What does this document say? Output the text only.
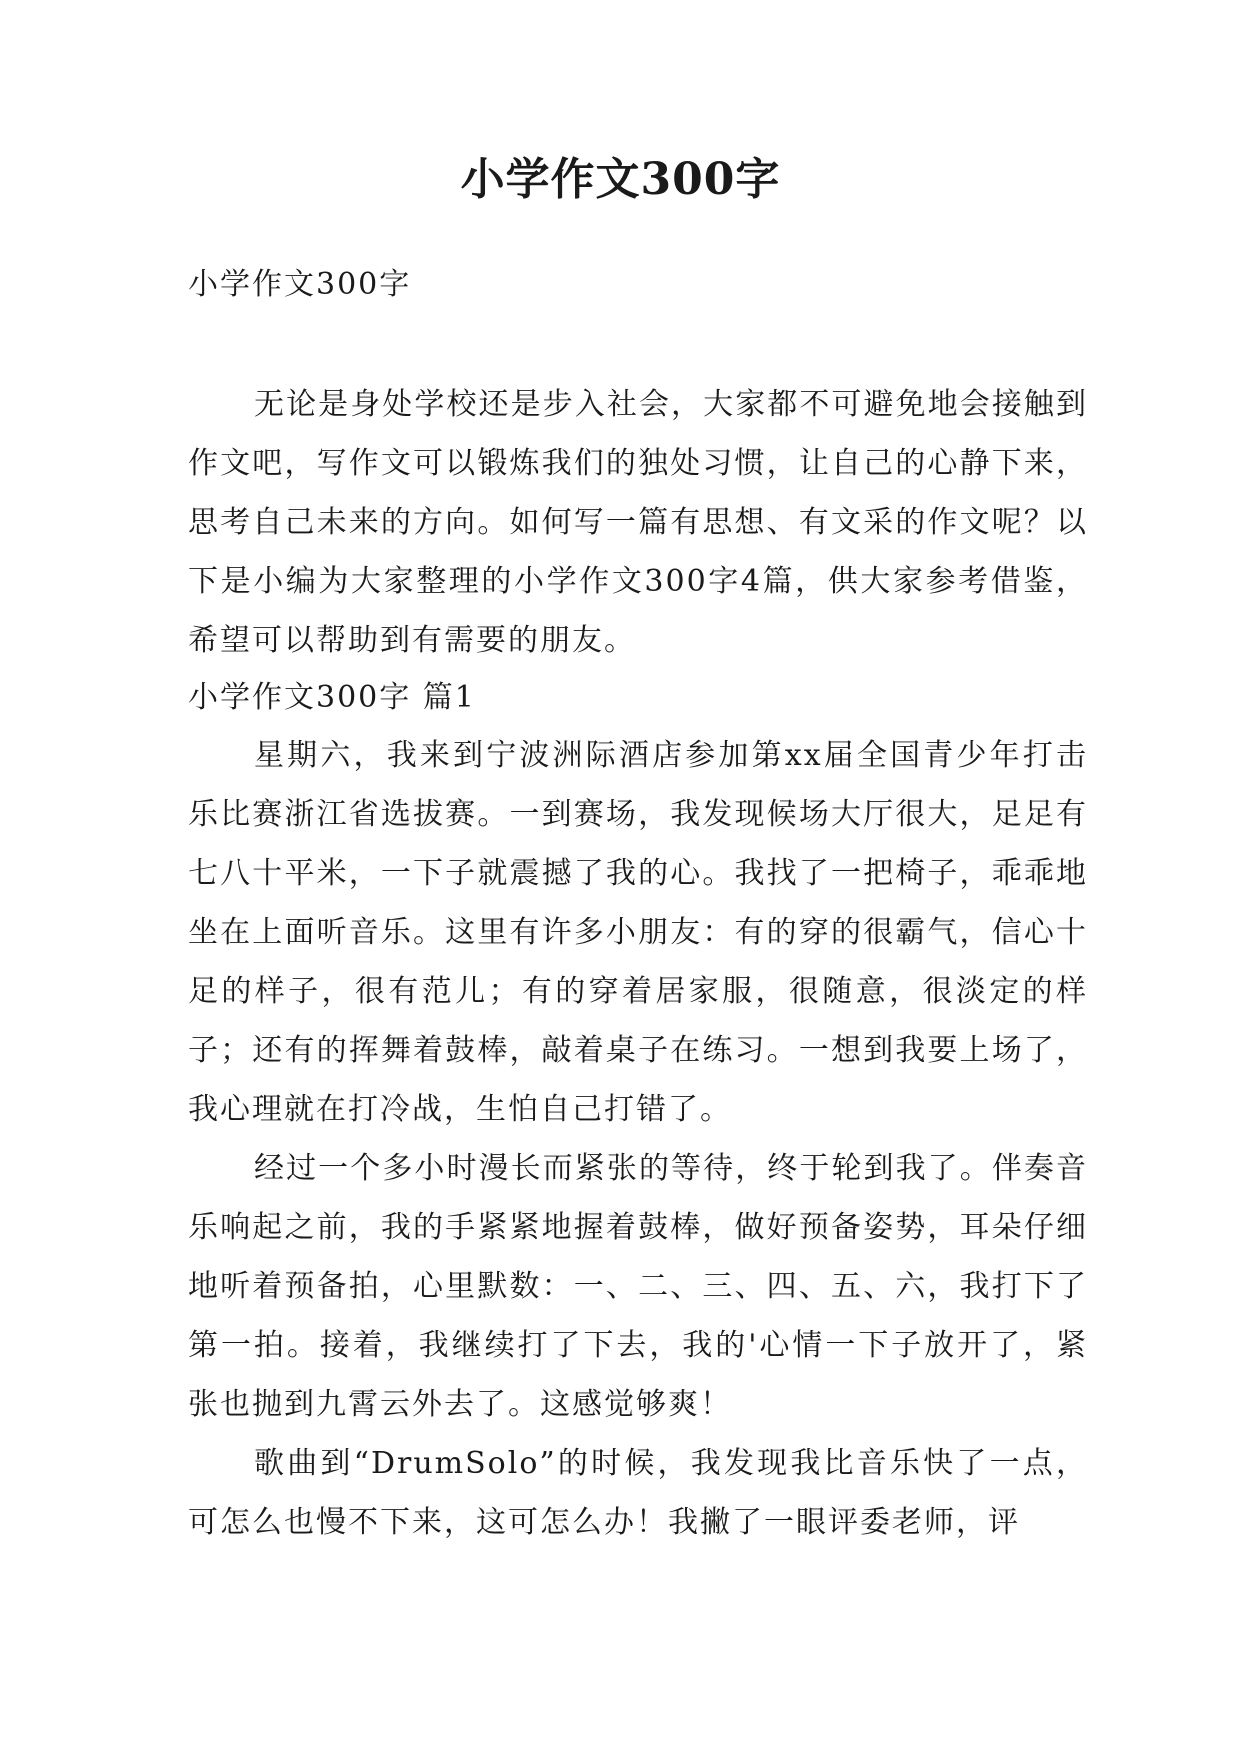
小学作文300字

小学作文300字

无论是身处学校还是步入社会，大家都不可避免地会接触到作文吧，写作文可以锻炼我们的独处习惯，让自己的心静下来，思考自己未来的方向。如何写一篇有思想、有文采的作文呢？以下是小编为大家整理的小学作文300字4篇，供大家参考借鉴，希望可以帮助到有需要的朋友。

小学作文300字 篇1

星期六，我来到宁波洲际酒店参加第xx届全国青少年打击乐比赛浙江省选拔赛。一到赛场，我发现候场大厅很大，足足有七八十平米，一下子就震撼了我的心。我找了一把椅子，乖乖地坐在上面听音乐。这里有许多小朋友：有的穿的很霸气，信心十足的样子，很有范儿；有的穿着居家服，很随意，很淡定的样子；还有的挥舞着鼓棒，敲着桌子在练习。一想到我要上场了，我心理就在打冷战，生怕自己打错了。

经过一个多小时漫长而紧张的等待，终于轮到我了。伴奏音乐响起之前，我的手紧紧地握着鼓棒，做好预备姿势，耳朵仔细地听着预备拍，心里默数：一、二、三、四、五、六，我打下了第一拍。接着，我继续打了下去，我的'心情一下子放开了，紧张也抛到九霄云外去了。这感觉够爽！

歌曲到“DrumSolo”的时候，我发现我比音乐快了一点，可怎么也慢不下来，这可怎么办！我撇了一眼评委老师，评
